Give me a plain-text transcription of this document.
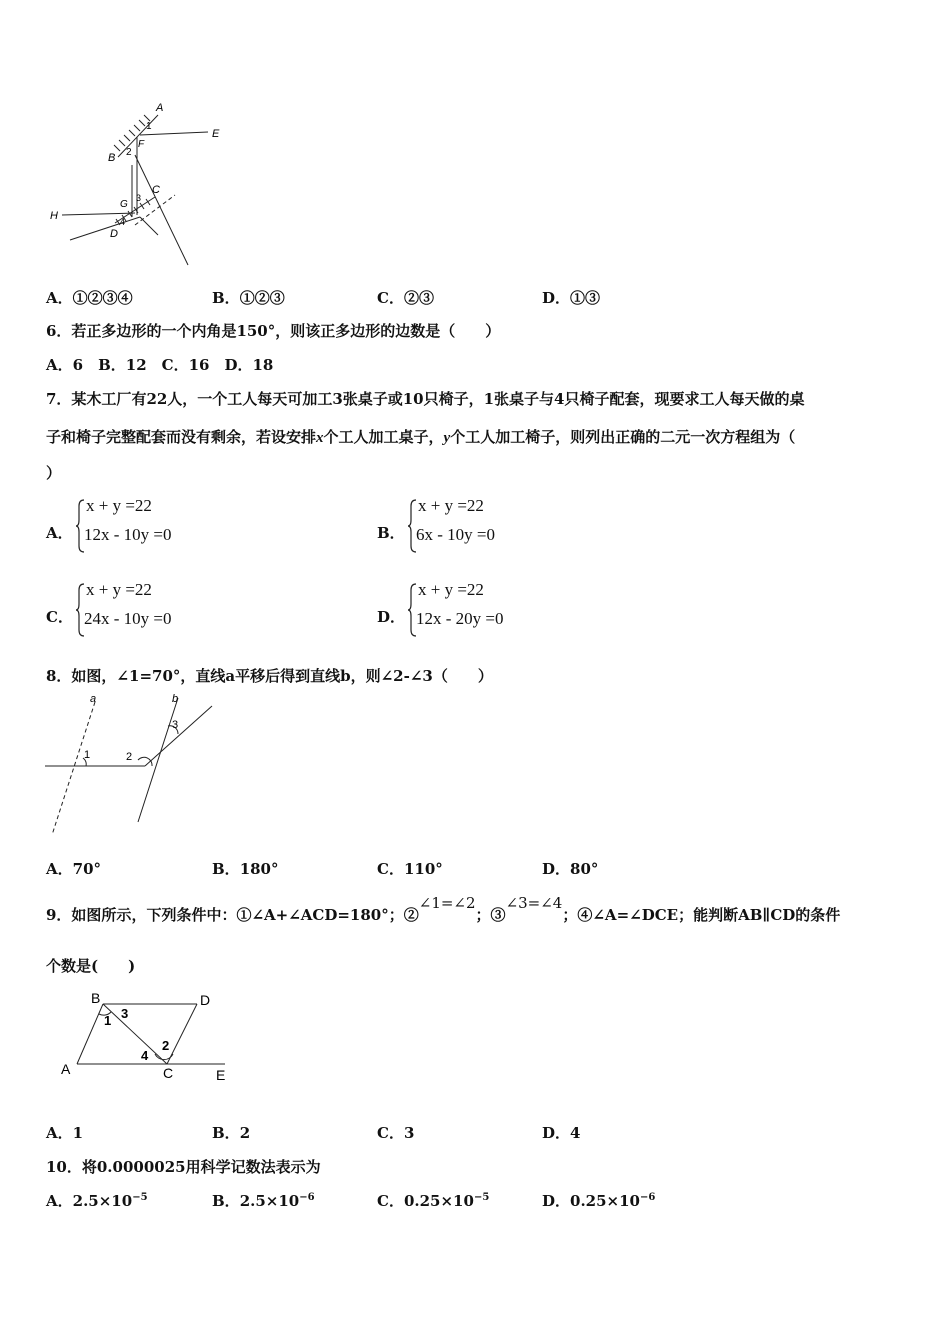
A
E
1
F
B 2
C
G
3
H	4
D
A．①②③④	B．①②③	C．②③	D．①③
6．若正多边形的一个内角是150°，则该正多边形的边数是（　　）
A．6　B．12　C．16　D．18
7．某木工厂有22人，一个工人每天可加工3张桌子或10只椅子，1张桌子与4只椅子配套，现要求工人每天做的桌
子和椅子完整配套而没有剩余，若设安排x个工人加工桌子，y个工人加工椅子，则列出正确的二元一次方程组为（
）
A．
x + y =22
12x - 10y =0	B．
x + y =22
6x - 10y =0
C．
x + y =22
24x - 10y =0	D．
x + y =22
12x - 20y =0
8．如图，∠1=70°，直线a平移后得到直线b，则∠2-∠3（　　）
a	b
1	2
3
A．70°	B．180°	C．110°	D．80°
9．如图所示，下列条件中：①∠A+∠ACD=180°；②∠1=∠2；③∠3=∠4；④∠A=∠DCE；能判断AB∥CD的条件
个数是(　　)
B	D
3
1
4
2
A	C	E
A．1	B．2	C．3	D．4
10．将0.0000025用科学记数法表示为
A．$2.5\times 10^{-5}$	B．$2.5\times 10^{-6}$	C．$0.25\times 10^{-5}$	D．$0.25\times 10^{-6}$
